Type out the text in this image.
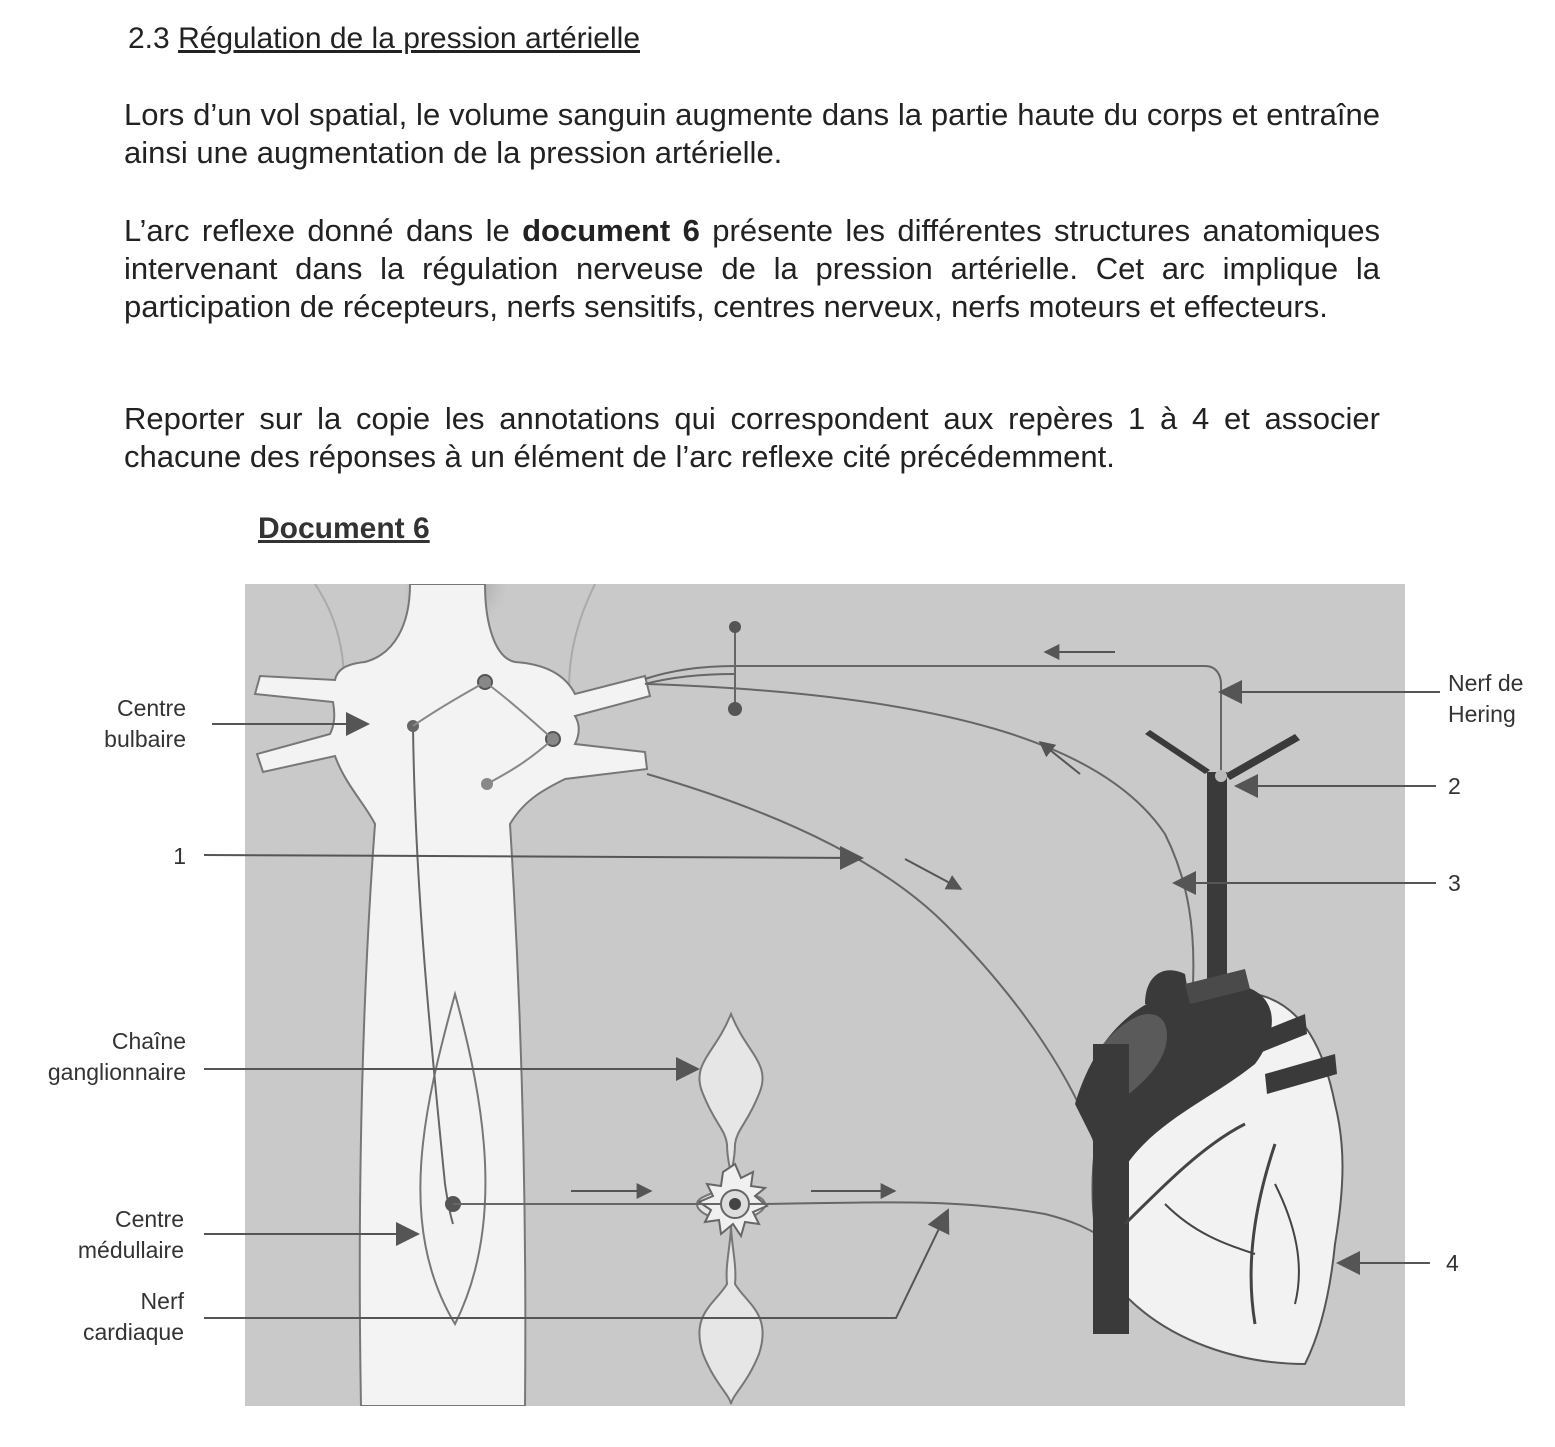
2.3 Régulation de la pression artérielle

Lors d’un vol spatial, le volume sanguin augmente dans la partie haute du corps et entraîne ainsi une augmentation de la pression artérielle.

L’arc reflexe donné dans le document 6 présente les différentes structures anatomiques intervenant dans la régulation nerveuse de la pression artérielle. Cet arc implique la participation de récepteurs, nerfs sensitifs, centres nerveux, nerfs moteurs et effecteurs.

Reporter sur la copie les annotations qui correspondent aux repères 1 à 4 et associer chacune des réponses à un élément de l’arc reflexe cité précédemment.

Document 6
Centre
bulbaire
1
Chaîne
ganglionnaire
Centre
médullaire
Nerf
cardiaque
Nerf de
Hering
2
3
4
